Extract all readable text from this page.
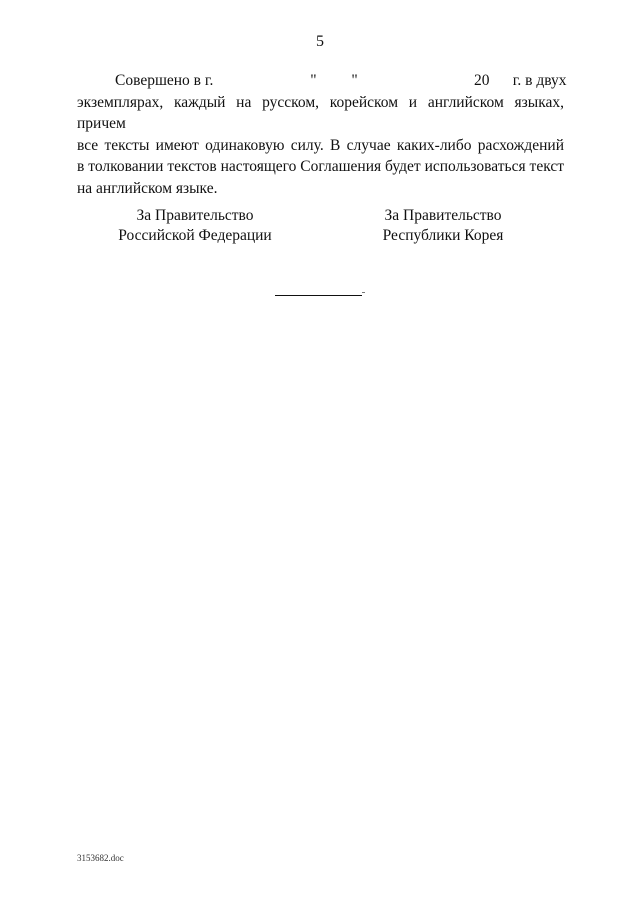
5

Совершено в г.                         "         "                              20      г. в двух

экземплярах, каждый на русском, корейском и английском языках, причем

все тексты имеют одинаковую силу. В случае каких-либо расхождений

в толковании текстов настоящего Соглашения будет использоваться текст

на английском языке.

За Правительство
Российской Федерации
За Правительство
Республики Корея
3153682.doc
